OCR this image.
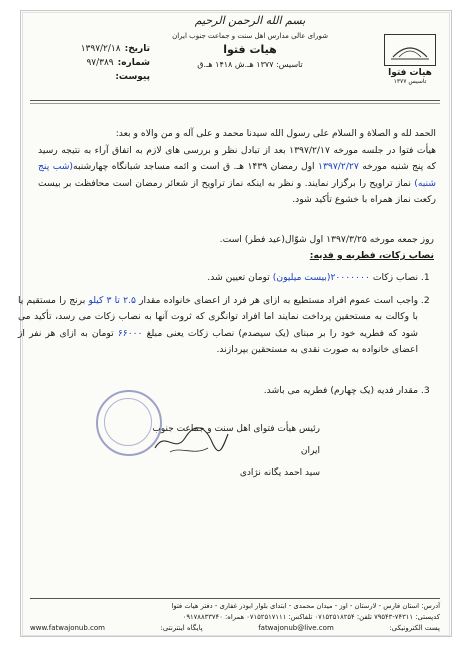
هیات فتوا
تاسیس ۱۳۷۷
بسم الله الرحمن الرحيم
شورای عالی مدارس اهل سنت و جماعت جنوب ایران
هیات فتوا
تاسیس: ۱۳۷۷ هـ.ش ۱۴۱۸ هـ.ق
تاریخ:
۱۳۹۷/۲/۱۸
شماره:
۹۷/۳۸۹
پیوست:
الحمد لله و الصلاة و السلام علی رسول الله سیدنا محمد و علی آله و من والاه و بعد:
هیأت فتوا در جلسه مورخه ۱۳۹۷/۲/۱۷ بعد از تبادل نظر و بررسی های لازم به اتفاق آراء به نتیجه رسید که پنج شنبه مورخه ۱۳۹۷/۲/۲۷ اول رمضان ۱۴۳۹ هـ. ق است و ائمه مساجد شبانگاه چهارشنبه(شب پنج شنبه) نماز تراویح را برگزار نمایند. و نظر به اینکه نماز تراویح از شعائر رمضان است محافظت بر بیست رکعت نماز همراه با خشوع تأکید شود.
روز جمعه مورخه ۱۳۹۷/۳/۲۵ اول شوّال(عید فطر) است.
نصاب زکات، فطریه و فدیه:
1. نصاب زکات ۲۰۰۰۰۰۰۰(بیست میلیون) تومان تعیین شد.
2. واجب است عموم افراد مستطیع به ازای هر فرد از اعضای خانواده مقدار ۲.۵ تا ۳ کیلو برنج را مستقیم یا با وکالت به مستحقین پرداخت نمایند اما افراد توانگری که ثروت آنها به نصاب زکات می رسد، تأکید می شود که فطریه خود را بر مبنای (یک سیصدم) نصاب زکات یعنی مبلغ ۶۶۰۰۰ تومان به ازای هر نفر از اعضای خانواده به صورت نقدی به مستحقین بپردازند.
3. مقدار فدیه (یک چهارم) فطریه می باشد.
رئیس هیأت فتوای اهل سنت و جماعت جنوب ایران
سید احمد یگانه نژادی
آدرس: استان فارس - لارستان - اوز - میدان محمدی - ابتدای بلوار ابوذر غفاری - دفتر هیات فتوا
کدپستی: ۷۴۳۱۱-۷۹۵۴۳ تلفن: ۰۷۱۵۲۵۱۸۲۵۴ تلفاکس: ۰۷۱۵۲۵۱۷۱۱۱ همراه: ۰۹۱۷۸۸۳۳۷۴۰
www.fatwajonub.com	پایگاه اینترنتی:	fatwajonub@live.com	پست الکترونیکی:
